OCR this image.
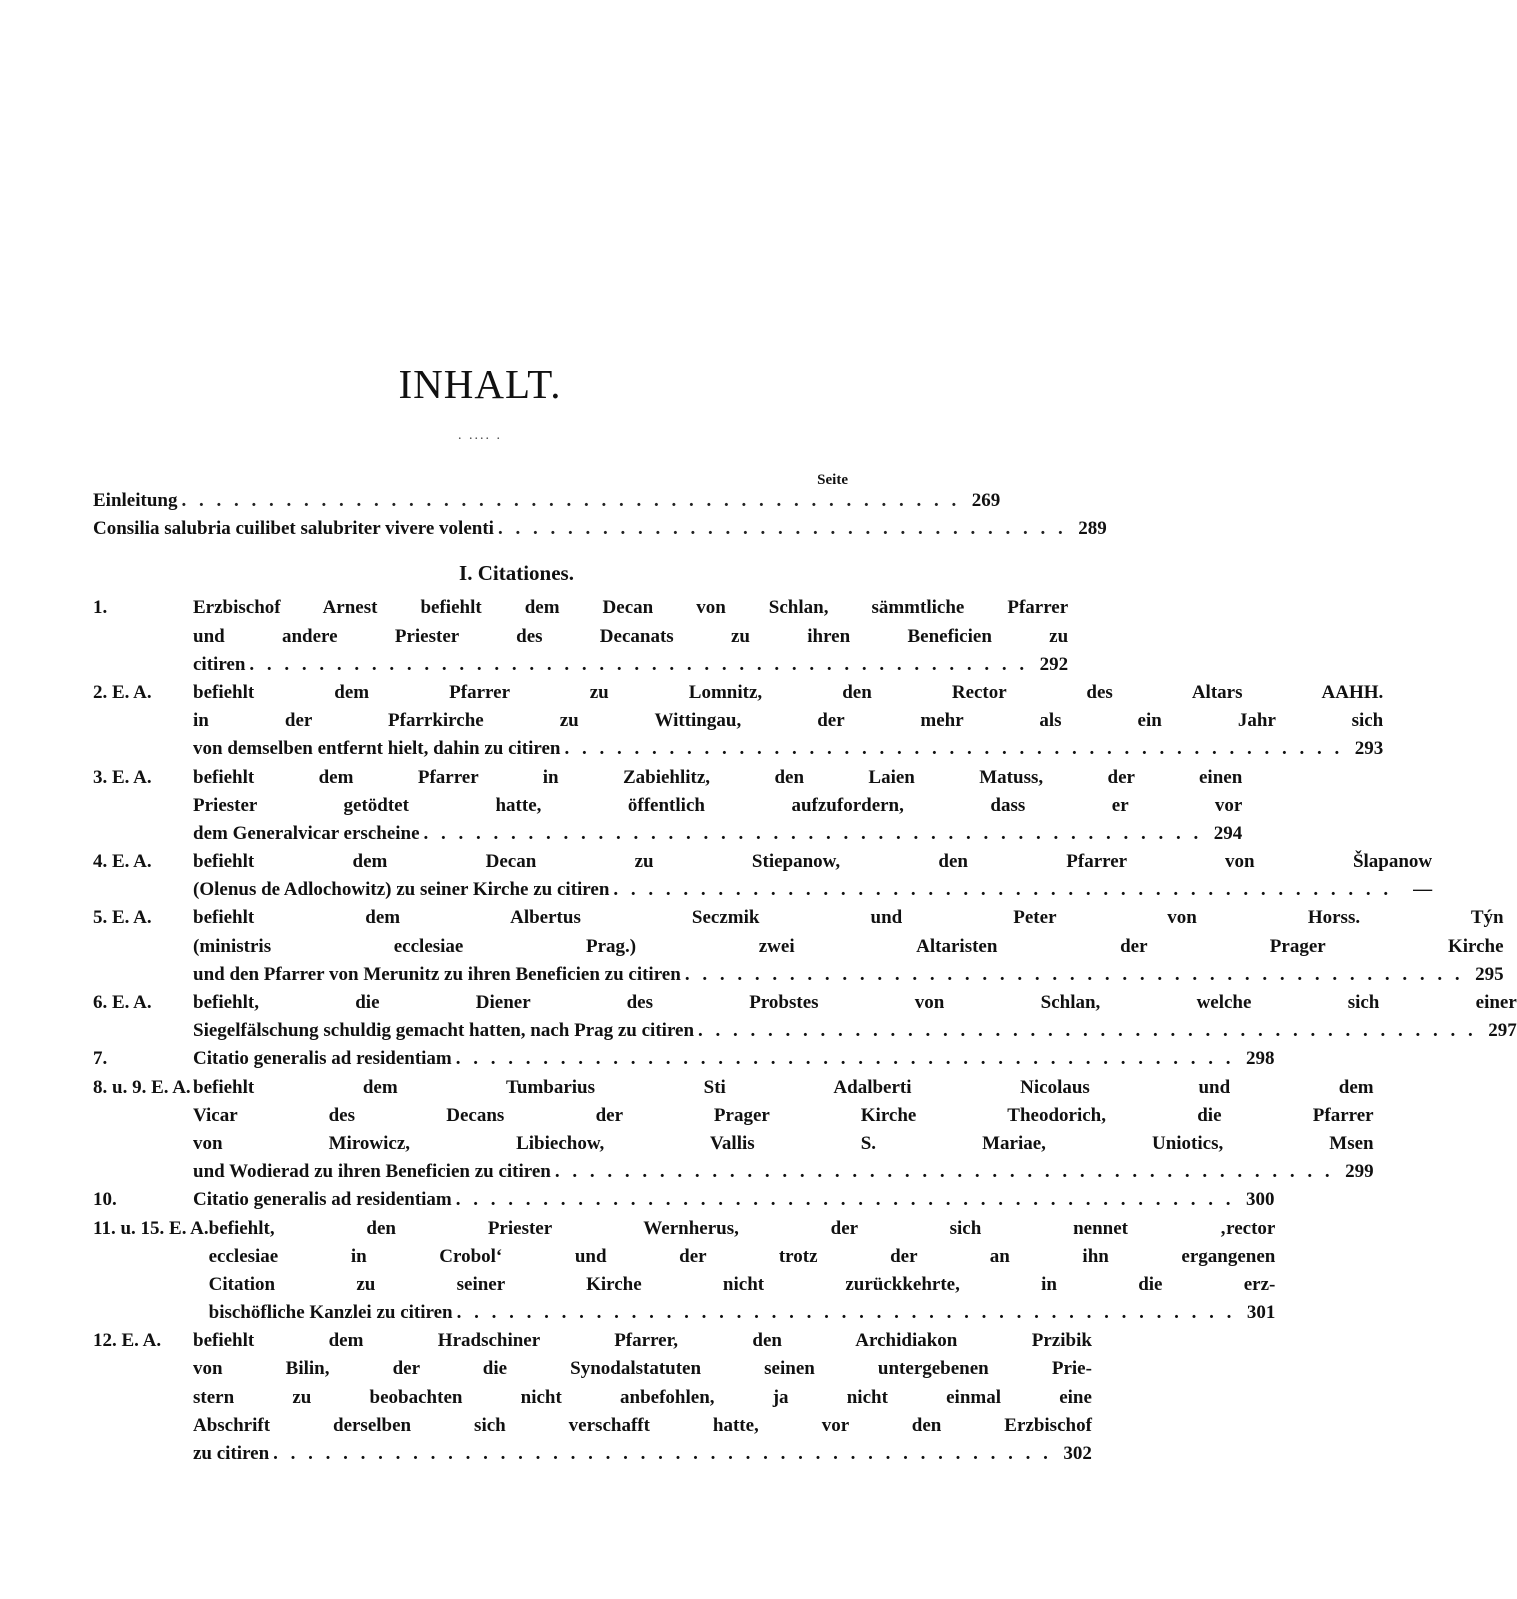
INHALT.
. .... .
Seite
Einleitung . . . . . . . . . . . . . . . . . . . . . . . . . . . . . . . . . . . . . . . . . . . . . 269
Consilia salubria cuilibet salubriter vivere volenti . . . . . . . . . . . . . . . . . . . . . . . . . . . . . . . . . 289
I. Citationes.
1.	Erzbischof Arnest befiehlt dem Decan von Schlan, sämmtliche Pfarrer
und andere Priester des Decanats zu ihren Beneficien zu
citiren . . . . . . . . . . . . . . . . . . . . . . . . . . . . . . . . . . . . . . . . . . . . . 292
2. E. A.	befiehlt dem Pfarrer zu Lomnitz, den Rector des Altars AAHH.
in der Pfarrkirche zu Wittingau, der mehr als ein Jahr sich
von demselben entfernt hielt, dahin zu citiren . . . . . . . . . . . . . . . . . . . . . . . . . . . . . . . . . . . . . . . . . . . . . 293
3. E. A.	befiehlt dem Pfarrer in Zabiehlitz, den Laien Matuss, der einen
Priester getödtet hatte, öffentlich aufzufordern, dass er vor
dem Generalvicar erscheine . . . . . . . . . . . . . . . . . . . . . . . . . . . . . . . . . . . . . . . . . . . . . 294
4. E. A.	befiehlt dem Decan zu Stiepanow, den Pfarrer von Šlapanow
(Olenus de Adlochowitz) zu seiner Kirche zu citiren . . . . . . . . . . . . . . . . . . . . . . . . . . . . . . . . . . . . . . . . . . . . .	—
5. E. A.	befiehlt dem Albertus Seczmik und Peter von Horss. Týn
(ministris ecclesiae Prag.) zwei Altaristen der Prager Kirche
und den Pfarrer von Merunitz zu ihren Beneficien zu citiren . . . . . . . . . . . . . . . . . . . . . . . . . . . . . . . . . . . . . . . . . . . . . 295
6. E. A.	befiehlt, die Diener des Probstes von Schlan, welche sich einer
Siegelfälschung schuldig gemacht hatten, nach Prag zu citiren . . . . . . . . . . . . . . . . . . . . . . . . . . . . . . . . . . . . . . . . . . . . . 297
7.	Citatio generalis ad residentiam . . . . . . . . . . . . . . . . . . . . . . . . . . . . . . . . . . . . . . . . . . . . . 298
8. u. 9. E. A. befiehlt dem Tumbarius Sti Adalberti Nicolaus und dem
Vicar des Decans der Prager Kirche Theodorich, die Pfarrer
von Mirowicz, Libiechow, Vallis S. Mariae, Uniotics, Msen
und Wodierad zu ihren Beneficien zu citiren . . . . . . . . . . . . . . . . . . . . . . . . . . . . . . . . . . . . . . . . . . . . . 299
10.	Citatio generalis ad residentiam . . . . . . . . . . . . . . . . . . . . . . . . . . . . . . . . . . . . . . . . . . . . . 300
11. u. 15. E. A. befiehlt, den Priester Wernherus, der sich nennet ‚rector
ecclesiae in Crobol‘ und der trotz der an ihn ergangenen
Citation zu seiner Kirche nicht zurückkehrte, in die erz-
bischöfliche Kanzlei zu citiren . . . . . . . . . . . . . . . . . . . . . . . . . . . . . . . . . . . . . . . . . . . . . 301
12. E. A.	befiehlt dem Hradschiner Pfarrer, den Archidiakon Przibik
von Bilin, der die Synodalstatuten seinen untergebenen Prie-
stern zu beobachten nicht anbefohlen, ja nicht einmal eine
Abschrift derselben sich verschafft hatte, vor den Erzbischof
zu citiren . . . . . . . . . . . . . . . . . . . . . . . . . . . . . . . . . . . . . . . . . . . . . 302
